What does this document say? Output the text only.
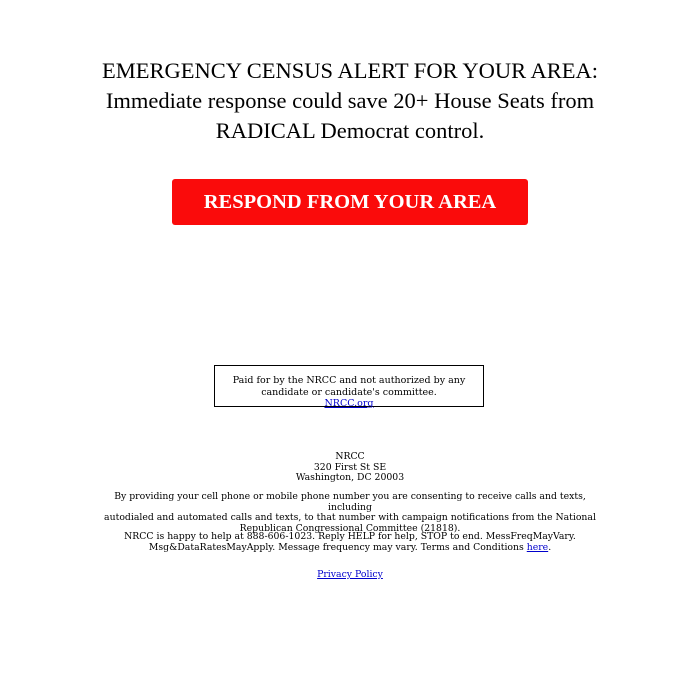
EMERGENCY CENSUS ALERT FOR YOUR AREA:
Immediate response could save 20+ House Seats from
RADICAL Democrat control.
RESPOND FROM YOUR AREA
Paid for by the NRCC and not authorized by any
candidate or candidate's committee.
NRCC.org
NRCC
320 First St SE
Washington, DC 20003
By providing your cell phone or mobile phone number you are consenting to receive calls and texts, including
autodialed and automated calls and texts, to that number with campaign notifications from the National
Republican Congressional Committee (21818).
NRCC is happy to help at 888-606-1023. Reply HELP for help, STOP to end. MessFreqMayVary.
Msg&DataRatesMayApply. Message frequency may vary. Terms and Conditions here.
Privacy Policy
